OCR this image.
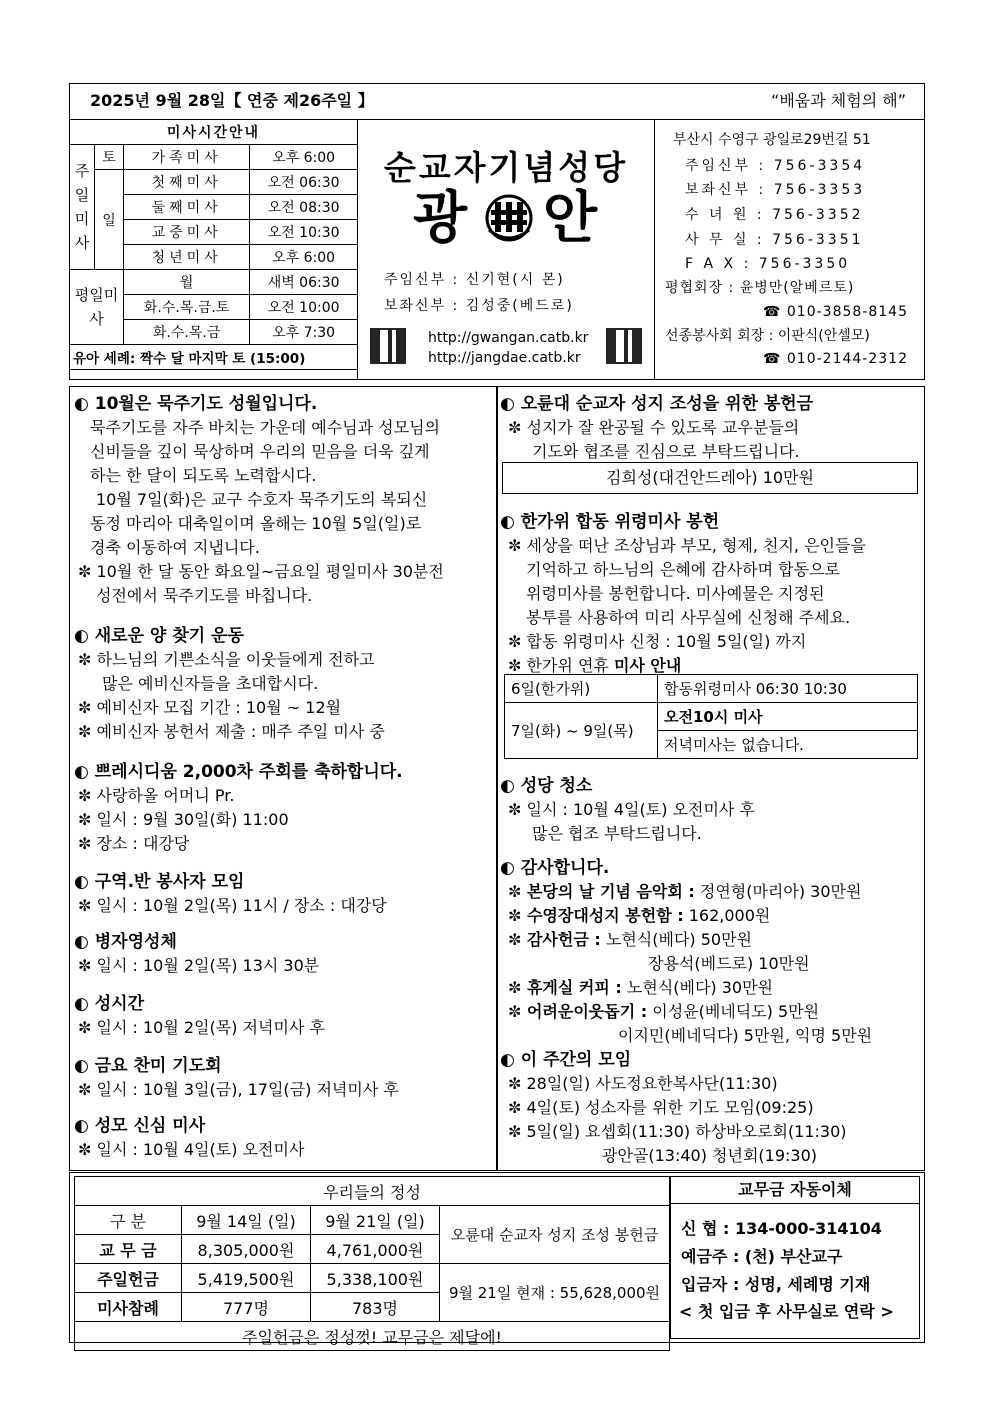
2025년 9월 28일【 연중 제26주일 】	“배움과 체험의 해”
미사시간안내			
주일미사	토	가족미사	오후 6:00
	일	첫째미사	오전 06:30
		둘째미사	오전 08:30
		교중미사	오전 10:30
		청년미사	오후 6:00
평일미사		월	새벽 06:30
		화.수.목.금.토	오전 10:00
		화.수.목.금	오후 7:30
유아 세례: 짝수 달 마지막 토 (15:00)			
순교자기념성당
광 안
주임신부 : 신기현(시 몬)
보좌신부 : 김성중(베드로)
http://gwangan.catb.kr
http://jangdae.catb.kr
부산시 수영구 광일로29번길 51
주임신부 : 756-3354
보좌신부 : 756-3353
수 녀 원 : 756-3352
사 무 실 : 756-3351
F A X : 756-3350
평협회장 : 윤병만(알베르토)
☎ 010-3858-8145
선종봉사회 회장 : 이판식(안셀모)
☎ 010-2144-2312
◐ 10월은 묵주기도 성월입니다.
묵주기도를 자주 바치는 가운데 예수님과 성모님의
신비들을 깊이 묵상하며 우리의 믿음을 더욱 깊게
하는 한 달이 되도록 노력합시다.
10월 7일(화)은 교구 수호자 묵주기도의 복되신
동정 마리아 대축일이며 올해는 10월 5일(일)로
경축 이동하여 지냅니다.
✼ 10월 한 달 동안 화요일~금요일 평일미사 30분전
성전에서 묵주기도를 바칩니다.
◐ 새로운 양 찾기 운동
✼ 하느님의 기쁜소식을 이웃들에게 전하고
많은 예비신자들을 초대합시다.
✼ 예비신자 모집 기간 : 10월 ~ 12월
✼ 예비신자 봉헌서 제출 : 매주 주일 미사 중
◐ 쁘레시디움 2,000차 주회를 축하합니다.
✼ 사랑하올 어머니 Pr.
✼ 일시 : 9월 30일(화) 11:00
✼ 장소 : 대강당
◐ 구역.반 봉사자 모임
✼ 일시 : 10월 2일(목) 11시 / 장소 : 대강당
◐ 병자영성체
✼ 일시 : 10월 2일(목) 13시 30분
◐ 성시간
✼ 일시 : 10월 2일(목) 저녁미사 후
◐ 금요 찬미 기도회
✼ 일시 : 10월 3일(금), 17일(금) 저녁미사 후
◐ 성모 신심 미사
✼ 일시 : 10월 4일(토) 오전미사
◐ 오륜대 순교자 성지 조성을 위한 봉헌금
✼ 성지가 잘 완공될 수 있도록 교우분들의
기도와 협조를 진심으로 부탁드립니다.
김희성(대건안드레아) 10만원
◐ 한가위 합동 위령미사 봉헌
✼ 세상을 떠난 조상님과 부모, 형제, 친지, 은인들을
기억하고 하느님의 은혜에 감사하며 합동으로
위령미사를 봉헌합니다. 미사예물은 지정된
봉투를 사용하여 미리 사무실에 신청해 주세요.
✼ 합동 위령미사 신청 : 10월 5일(일) 까지
✼ 한가위 연휴 미사 안내
6일(한가위)	합동위령미사 06:30 10:30
7일(화) ~ 9일(목)	오전10시 미사
	저녁미사는 없습니다.
◐ 성당 청소
✼ 일시 : 10월 4일(토) 오전미사 후
많은 협조 부탁드립니다.
◐ 감사합니다.
✼ 본당의 날 기념 음악회 : 정연형(마리아) 30만원
✼ 수영장대성지 봉헌함 : 162,000원
✼ 감사헌금 : 노현식(베다) 50만원
장용석(베드로) 10만원
✼ 휴게실 커피 : 노현식(베다) 30만원
✼ 어려운이웃돕기 : 이성윤(베네딕도) 5만원
이지민(베네딕다) 5만원, 익명 5만원
◐ 이 주간의 모임
✼ 28일(일) 사도정요한복사단(11:30)
✼ 4일(토) 성소자를 위한 기도 모임(09:25)
✼ 5일(일) 요셉회(11:30) 하상바오로회(11:30)
광안골(13:40) 청년회(19:30)
우리들의 정성			
구 분	9월 14일 (일)	9월 21일 (일)	오륜대 순교자 성지 조성 봉헌금
교 무 금	8,305,000원	4,761,000원	
주일헌금	5,419,500원	5,338,100원	9월 21일 현재 : 55,628,000원
미사참례	777명	783명	
주일헌금은 정성껏! 교무금은 제달에!			
교무금 자동이체
신 협 : 134-000-314104
예금주 : (천) 부산교구
입금자 : 성명, 세례명 기재
< 첫 입금 후 사무실로 연락 >
